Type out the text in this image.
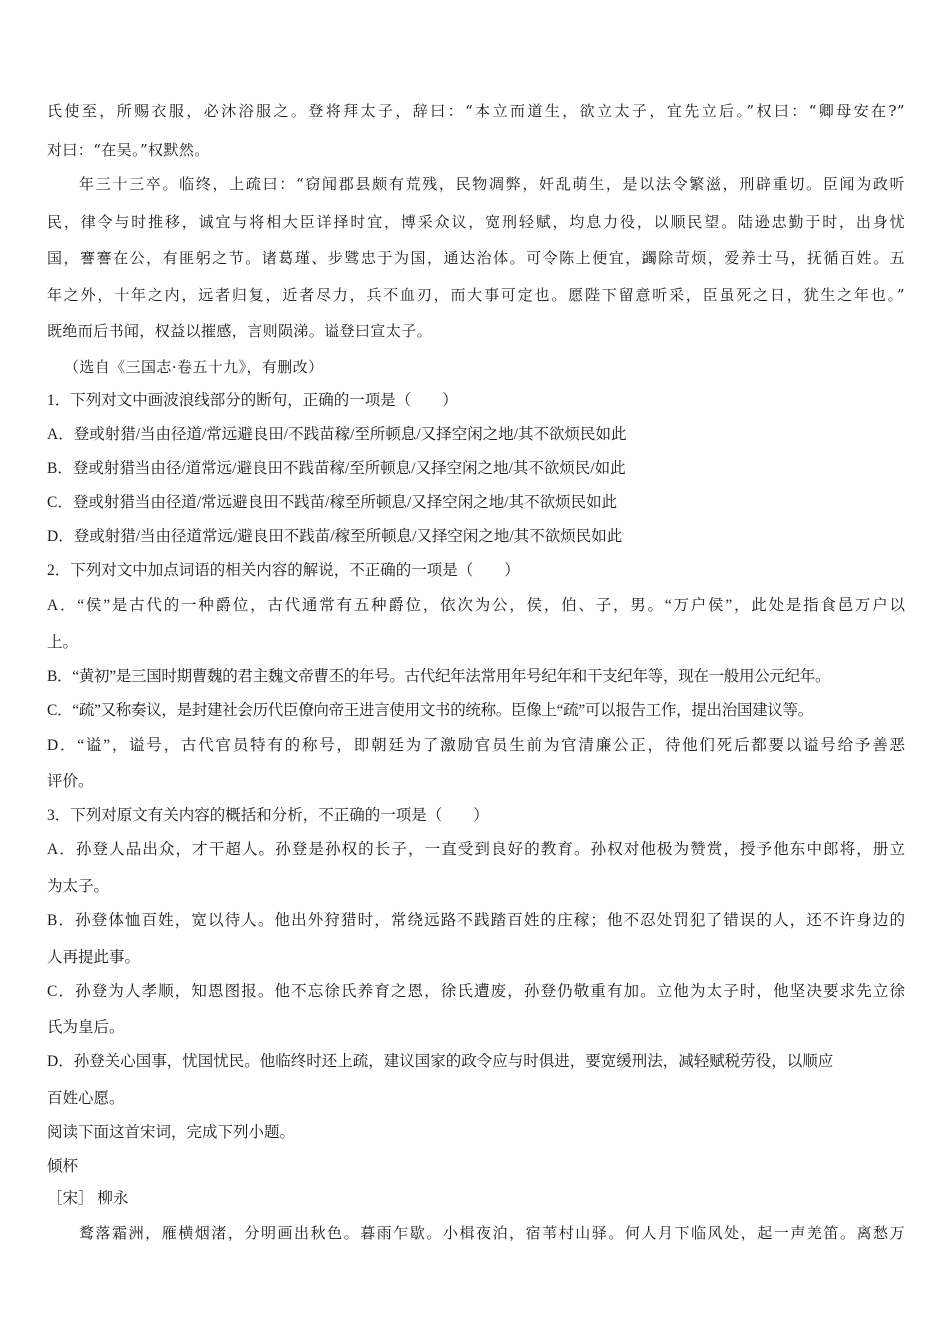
氏使至，所赐衣服，必沐浴服之。登将拜太子，辞曰：“本立而道生，欲立太子，宜先立后。”权曰：“卿母安在?”
对曰：“在吴。”权默然。
年三十三卒。临终，上疏曰：“窃闻郡县颇有荒残，民物凋弊，奸乱萌生，是以法令繁滋，刑辟重切。臣闻为政听
民，律令与时推移，诚宜与将相大臣详择时宜，博采众议，宽刑轻赋，均息力役，以顺民望。陆逊忠勤于时，出身忧
国，謇謇在公，有匪躬之节。诸葛瑾、步骘忠于为国，通达治体。可令陈上便宜，蠲除苛烦，爱养士马，抚循百姓。五
年之外，十年之内，远者归复，近者尽力，兵不血刃，而大事可定也。愿陛下留意听采，臣虽死之日，犹生之年也。”
既绝而后书闻，权益以摧感，言则陨涕。谥登曰宣太子。
（选自《三国志·卷五十九》，有删改）
1．下列对文中画波浪线部分的断句，正确的一项是（　　）
A．登或射猎/当由径道/常远避良田/不践苗稼/至所顿息/又择空闲之地/其不欲烦民如此
B．登或射猎当由径/道常远/避良田不践苗稼/至所顿息/又择空闲之地/其不欲烦民/如此
C．登或射猎当由径道/常远避良田不践苗/稼至所顿息/又择空闲之地/其不欲烦民如此
D．登或射猎/当由径道常远/避良田不践苗/稼至所顿息/又择空闲之地/其不欲烦民如此
2．下列对文中加点词语的相关内容的解说，不正确的一项是（　　）
A．“侯”是古代的一种爵位，古代通常有五种爵位，依次为公，侯，伯、子，男。“万户侯”，此处是指食邑万户以
上。
B．“黄初”是三国时期曹魏的君主魏文帝曹丕的年号。古代纪年法常用年号纪年和干支纪年等，现在一般用公元纪年。
C．“疏”又称奏议，是封建社会历代臣僚向帝王进言使用文书的统称。臣像上“疏”可以报告工作，提出治国建议等。
D．“谥”，谥号，古代官员特有的称号，即朝廷为了激励官员生前为官清廉公正，待他们死后都要以谥号给予善恶
评价。
3．下列对原文有关内容的概括和分析，不正确的一项是（　　）
A．孙登人品出众，才干超人。孙登是孙权的长子，一直受到良好的教育。孙权对他极为赞赏，授予他东中郎将，册立
为太子。
B．孙登体恤百姓，宽以待人。他出外狩猎时，常绕远路不践踏百姓的庄稼；他不忍处罚犯了错误的人，还不许身边的
人再提此事。
C．孙登为人孝顺，知恩图报。他不忘徐氏养育之恩，徐氏遭废，孙登仍敬重有加。立他为太子时，他坚决要求先立徐
氏为皇后。
D．孙登关心国事，忧国忧民。他临终时还上疏，建议国家的政令应与时俱进，要宽缓刑法，减轻赋税劳役，以顺应
百姓心愿。
阅读下面这首宋词，完成下列小题。
倾杯
［宋］ 柳永
鹜落霜洲，雁横烟渚，分明画出秋色。暮雨乍歇。小楫夜泊，宿苇村山驿。何人月下临风处，起一声羌笛。离愁万
